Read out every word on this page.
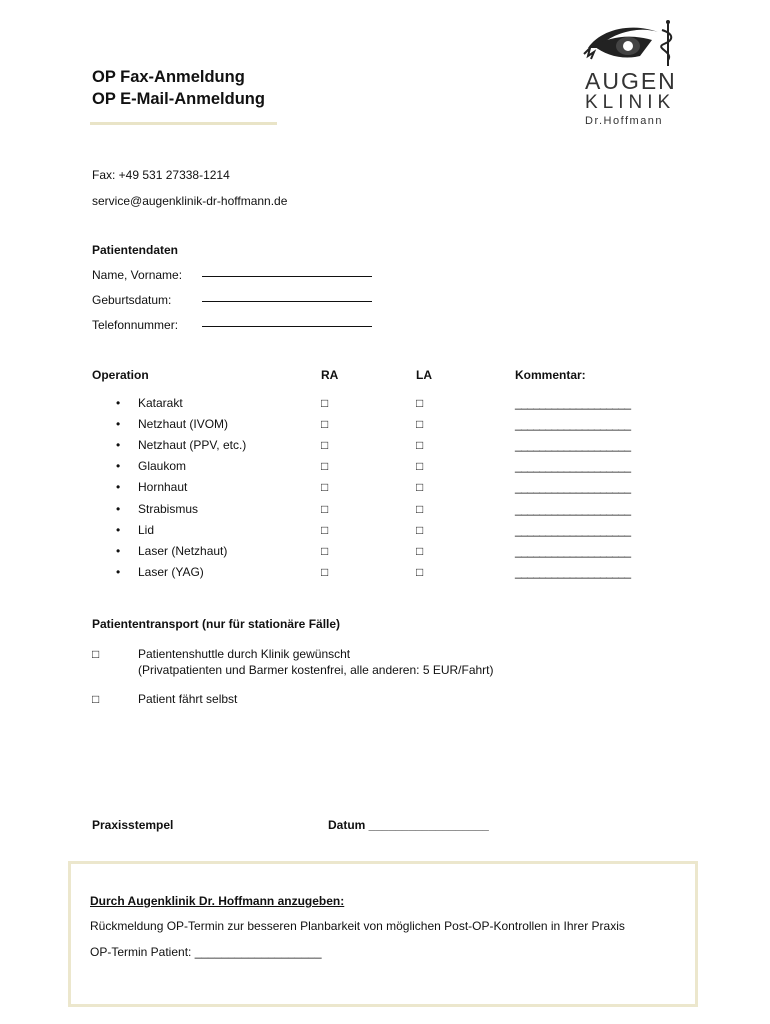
OP Fax-Anmeldung
OP E-Mail-Anmeldung
AUGEN
KLINIK
Dr.Hoffmann
Fax: +49 531 27338-1214
service@augenklinik-dr-hoffmann.de
Patientendaten
Name, Vorname:
Geburtsdatum:
Telefonnummer:
Operation	RA	LA	Kommentar:
• Katarakt	□	□	___________________
• Netzhaut (IVOM)	□	□	___________________
• Netzhaut (PPV, etc.)	□	□	___________________
• Glaukom	□	□	___________________
• Hornhaut	□	□	___________________
• Strabismus	□	□	___________________
• Lid	□	□	___________________
• Laser (Netzhaut)	□	□	___________________
• Laser (YAG)	□	□	___________________
Patiententransport (nur für stationäre Fälle)
□	Patientenshuttle durch Klinik gewünscht
(Privatpatienten und Barmer kostenfrei, alle anderen: 5 EUR/Fahrt)
□	Patient fährt selbst
Praxisstempel	Datum __________________
Durch Augenklinik Dr. Hoffmann anzugeben:
Rückmeldung OP-Termin zur besseren Planbarkeit von möglichen Post-OP-Kontrollen in Ihrer Praxis
OP-Termin Patient: ___________________
